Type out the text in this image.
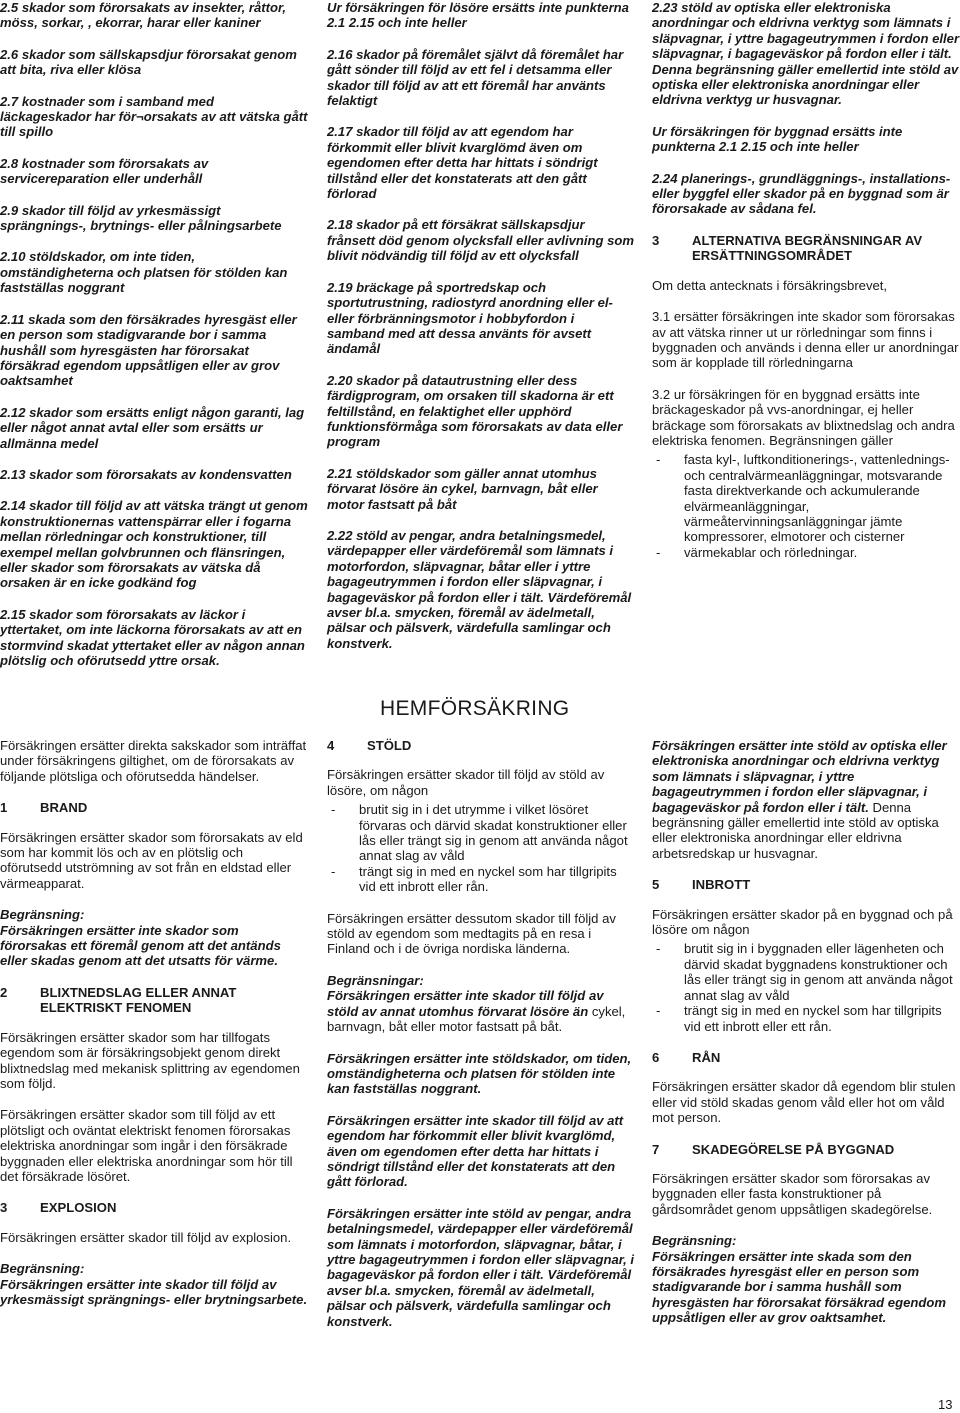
2.5 skador som förorsakats av insekter, råttor, möss, sorkar, , ekorrar, harar eller kaniner

2.6 skador som sällskapsdjur förorsakat genom att bita, riva eller klösa

2.7 kostnader som i samband med läckageskador har för¬orsakats av att vätska gått till spillo

2.8 kostnader som förorsakats av servicereparation eller underhåll

2.9 skador till följd av yrkesmässigt sprängnings-, brytnings- eller pålningsarbete

2.10 stöldskador, om inte tiden, omständigheterna och platsen för stölden kan fastställas noggrant

2.11 skada som den försäkrades hyresgäst eller en person som stadigvarande bor i samma hushåll som hyresgästen har förorsakat försäkrad egendom uppsåtligen eller av grov oaktsamhet

2.12 skador som ersätts enligt någon garanti, lag eller något annat avtal eller som ersätts ur allmänna medel

2.13 skador som förorsakats av kondensvatten

2.14 skador till följd av att vätska trängt ut genom konstruktionernas vattenspärrar eller i fogarna mellan rörledningar och konstruktioner, till exempel mellan golvbrunnen och flänsringen, eller skador som förorsakats av vätska då orsaken är en icke godkänd fog

2.15 skador som förorsakats av läckor i yttertaket, om inte läckorna förorsakats av att en stormvind skadat yttertaket eller av någon annan plötslig och oförutsedd yttre orsak.

Ur försäkringen för lösöre ersätts inte punkterna 2.1 2.15 och inte heller

2.16 skador på föremålet självt då föremålet har gått sönder till följd av ett fel i detsamma eller skador till följd av att ett föremål har använts felaktigt

2.17 skador till följd av att egendom har förkommit eller blivit kvarglömd även om egendomen efter detta har hittats i söndrigt tillstånd eller det konstaterats att den gått förlorad

2.18 skador på ett försäkrat sällskapsdjur frånsett död genom olycksfall eller avlivning som blivit nödvändig till följd av ett olycksfall

2.19 bräckage på sportredskap och sportutrustning, radiostyrd anordning eller el- eller förbränningsmotor i hobbyfordon i samband med att dessa använts för avsett ändamål

2.20 skador på datautrustning eller dess färdigprogram, om orsaken till skadorna är ett feltillstånd, en felaktighet eller upphörd funktionsförmåga som förorsakats av data eller program

2.21 stöldskador som gäller annat utomhus förvarat lösöre än cykel, barnvagn, båt eller motor fastsatt på båt

2.22 stöld av pengar, andra betalningsmedel, värdepapper eller värdeföremål som lämnats i motorfordon, släpvagnar, båtar eller i yttre bagageutrymmen i fordon eller släpvagnar, i bagageväskor på fordon eller i tält. Värdeföremål avser bl.a. smycken, föremål av ädelmetall, pälsar och pälsverk, värdefulla samlingar och konstverk.

2.23 stöld av optiska eller elektroniska anordningar och eldrivna verktyg som lämnats i släpvagnar, i yttre bagageutrymmen i fordon eller släpvagnar, i bagageväskor på fordon eller i tält. Denna begränsning gäller emellertid inte stöld av optiska eller elektroniska anordningar eller eldrivna verktyg ur husvagnar.

Ur försäkringen för byggnad ersätts inte punkterna 2.1 2.15 och inte heller

2.24 planerings-, grundläggnings-, installations- eller byggfel eller skador på en byggnad som är förorsakade av sådana fel.

3	ALTERNATIVA BEGRÄNSNINGAR AV ERSÄTTNINGSOMRÅDET

Om detta antecknats i försäkringsbrevet,

3.1 ersätter försäkringen inte skador som förorsakas av att vätska rinner ut ur rörledningar som finns i byggnaden och används i denna eller ur anordningar som är kopplade till rörledningarna

3.2 ur försäkringen för en byggnad ersätts inte bräckageskador på vvs-anordningar, ej heller bräckage som förorsakats av blixtnedslag och andra elektriska fenomen. Begränsningen gäller

- fasta kyl-, luftkonditionerings-, vattenlednings- och centralvärmeanläggningar, motsvarande fasta direktverkande och ackumulerande elvärmeanläggningar, värmeåtervinningsanläggningar jämte kompressorer, elmotorer och cisterner
- värmekablar och rörledningar.
HEMFÖRSÄKRING

Försäkringen ersätter direkta sakskador som inträffat under försäkringens giltighet, om de förorsakats av följande plötsliga och oförutsedda händelser.

1	BRAND

Försäkringen ersätter skador som förorsakats av eld som har kommit lös och av en plötslig och oförutsedd utströmning av sot från en eldstad eller värmeapparat.

Begränsning:
Försäkringen ersätter inte skador som förorsakas ett föremål genom att det antänds eller skadas genom att det utsatts för värme.

2	BLIXTNEDSLAG ELLER ANNAT ELEKTRISKT FENOMEN

Försäkringen ersätter skador som har tillfogats egendom som är försäkringsobjekt genom direkt blixtnedslag med mekanisk splittring av egendomen som följd.

Försäkringen ersätter skador som till följd av ett plötsligt och oväntat elektriskt fenomen förorsakas elektriska anordningar som ingår i den försäkrade byggnaden eller elektriska anordningar som hör till det försäkrade lösöret.

3	EXPLOSION

Försäkringen ersätter skador till följd av explosion.

Begränsning:
Försäkringen ersätter inte skador till följd av yrkesmässigt sprängnings- eller brytningsarbete.

4	STÖLD

Försäkringen ersätter skador till följd av stöld av lösöre, om någon

- brutit sig in i det utrymme i vilket lösöret förvaras och därvid skadat konstruktioner eller lås eller trängt sig in genom att använda något annat slag av våld
- trängt sig in med en nyckel som har tillgripits vid ett inbrott eller rån.

Försäkringen ersätter dessutom skador till följd av stöld av egendom som medtagits på en resa i Finland och i de övriga nordiska länderna.

Begränsningar:
Försäkringen ersätter inte skador till följd av stöld av annat utomhus förvarat lösöre än cykel, barnvagn, båt eller motor fastsatt på båt.

Försäkringen ersätter inte stöldskador, om tiden, omständigheterna och platsen för stölden inte kan fastställas noggrant.

Försäkringen ersätter inte skador till följd av att egendom har förkommit eller blivit kvarglömd, även om egendomen efter detta har hittats i söndrigt tillstånd eller det konstaterats att den gått förlorad.

Försäkringen ersätter inte stöld av pengar, andra betalningsmedel, värdepapper eller värdeföremål som lämnats i motorfordon, släpvagnar, båtar, i yttre bagageutrymmen i fordon eller släpvagnar, i bagageväskor på fordon eller i tält. Värdeföremål avser bl.a. smycken, föremål av ädelmetall, pälsar och pälsverk, värdefulla samlingar och konstverk.

Försäkringen ersätter inte stöld av optiska eller elektroniska anordningar och eldrivna verktyg som lämnats i släpvagnar, i yttre bagageutrymmen i fordon eller släpvagnar, i bagageväskor på fordon eller i tält. Denna begränsning gäller emellertid inte stöld av optiska eller elektroniska anordningar eller eldrivna arbetsredskap ur husvagnar.

5	INBROTT

Försäkringen ersätter skador på en byggnad och på lösöre om någon

- brutit sig in i byggnaden eller lägenheten och därvid skadat byggnadens konstruktioner och lås eller trängt sig in genom att använda något annat slag av våld
- trängt sig in med en nyckel som har tillgripits vid ett inbrott eller ett rån.
6	RÅN

Försäkringen ersätter skador då egendom blir stulen eller vid stöld skadas genom våld eller hot om våld mot person.

7	SKADEGÖRELSE PÅ BYGGNAD

Försäkringen ersätter skador som förorsakas av byggnaden eller fasta konstruktioner på gårdsområdet genom uppsåtligen skadegörelse.

Begränsning:
Försäkringen ersätter inte skada som den försäkrades hyresgäst eller en person som stadigvarande bor i samma hushåll som hyresgästen har förorsakat försäkrad egendom uppsåtligen eller av grov oaktsamhet.

13
